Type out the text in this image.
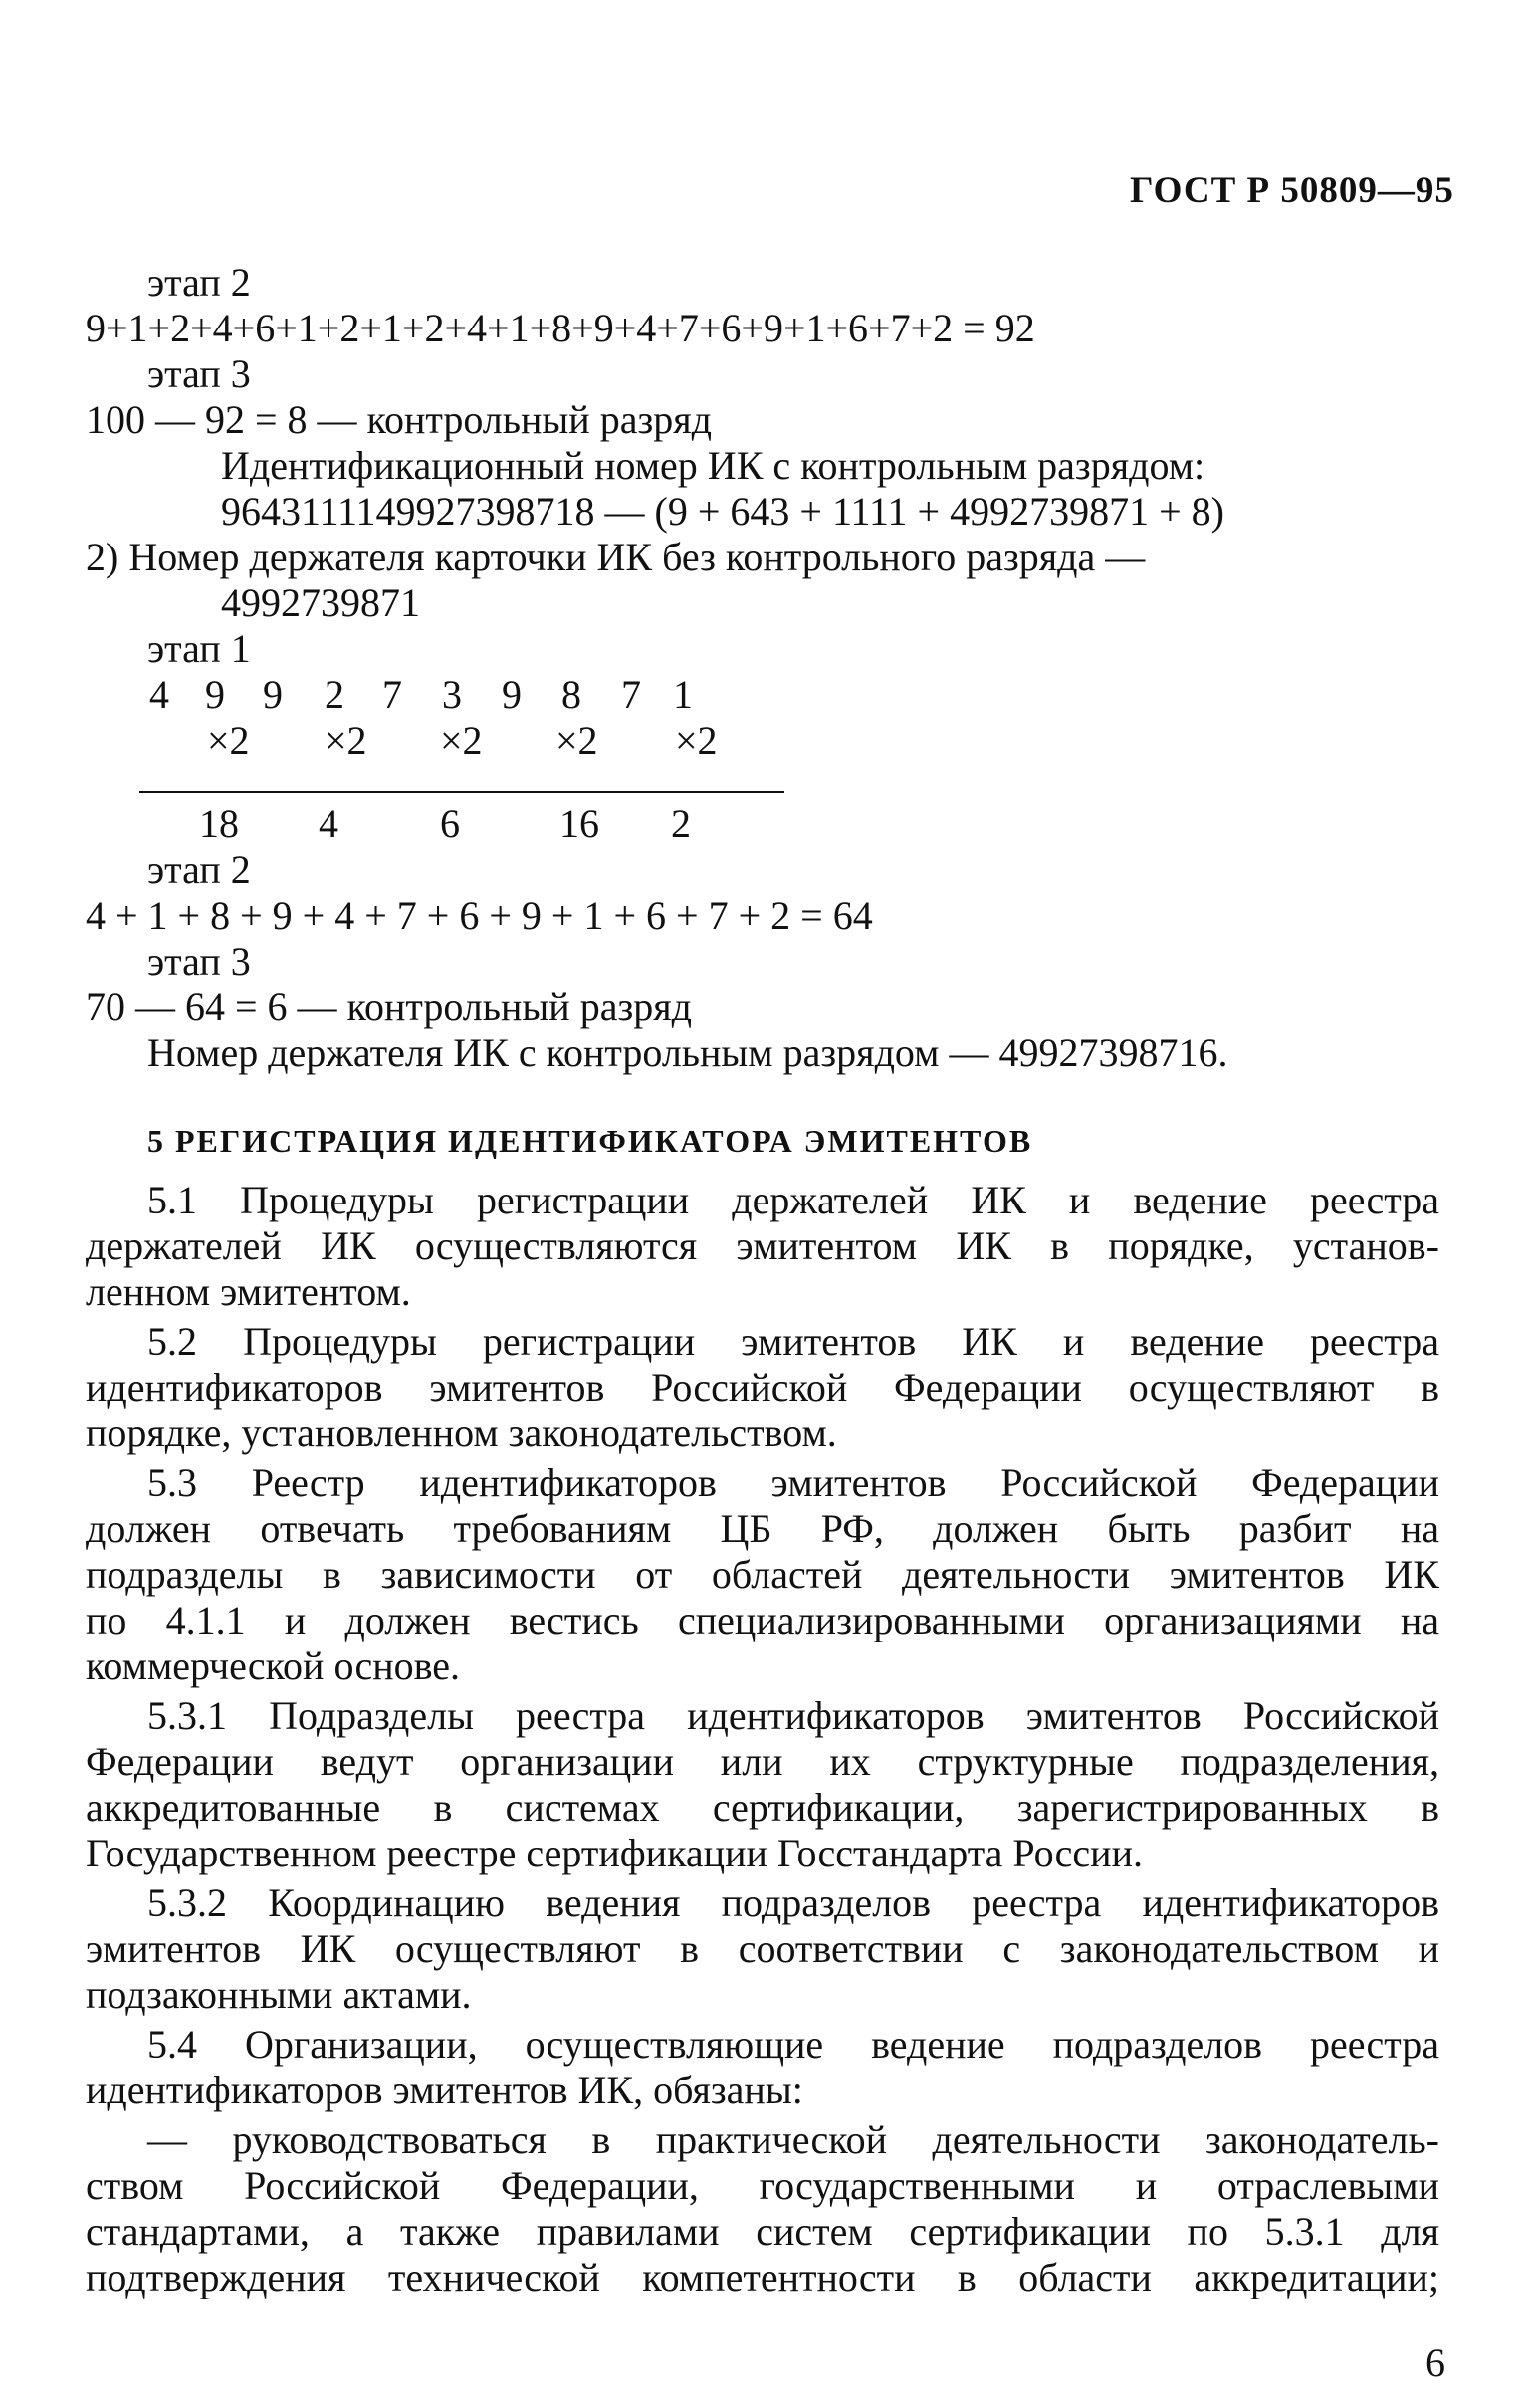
ГОСТ Р 50809—95
этап 2
9+1+2+4+6+1+2+1+2+4+1+8+9+4+7+6+9+1+6+7+2 = 92
этап 3
100 — 92 = 8 — контрольный разряд
Идентификационный номер ИК с контрольным разрядом:
9643111149927398718 — (9 + 643 + 1111 + 4992739871 + 8)
2) Номер держателя карточки ИК без контрольного разряда —
4992739871
этап 1
4 9 9 2 7 3 9 8 7 1
×2 ×2 ×2 ×2 ×2
18 4	6	16 2
этап 2
4 + 1 + 8 + 9 + 4 + 7 + 6 + 9 + 1 + 6 + 7 + 2 = 64
этап 3
70 — 64 = 6 — контрольный разряд
Номер держателя ИК с контрольным разрядом — 49927398716.
5 РЕГИСТРАЦИЯ ИДЕНТИФИКАТОРА ЭМИТЕНТОВ
5.1 Процедуры регистрации держателей ИК и ведение реестра
держателей ИК осуществляются эмитентом ИК в порядке, установ-
ленном эмитентом.
5.2 Процедуры регистрации эмитентов ИК и ведение реестра
идентификаторов эмитентов Российской Федерации осуществляют в
порядке, установленном законодательством.
5.3 Реестр идентификаторов эмитентов Российской Федерации
должен отвечать требованиям ЦБ РФ, должен быть разбит на
подразделы в зависимости от областей деятельности эмитентов ИК
по 4.1.1 и должен вестись специализированными организациями на
коммерческой основе.
5.3.1 Подразделы реестра идентификаторов эмитентов Российской
Федерации ведут организации или их структурные подразделения,
аккредитованные в системах сертификации, зарегистрированных в
Государственном реестре сертификации Госстандарта России.
5.3.2 Координацию ведения подразделов реестра идентификаторов
эмитентов ИК осуществляют в соответствии с законодательством и
подзаконными актами.
5.4 Организации, осуществляющие ведение подразделов реестра
идентификаторов эмитентов ИК, обязаны:
— руководствоваться в практической деятельности законодатель-
ством Российской Федерации, государственными и отраслевыми
стандартами, а также правилами систем сертификации по 5.3.1 для
подтверждения технической компетентности в области аккредитации;
6
